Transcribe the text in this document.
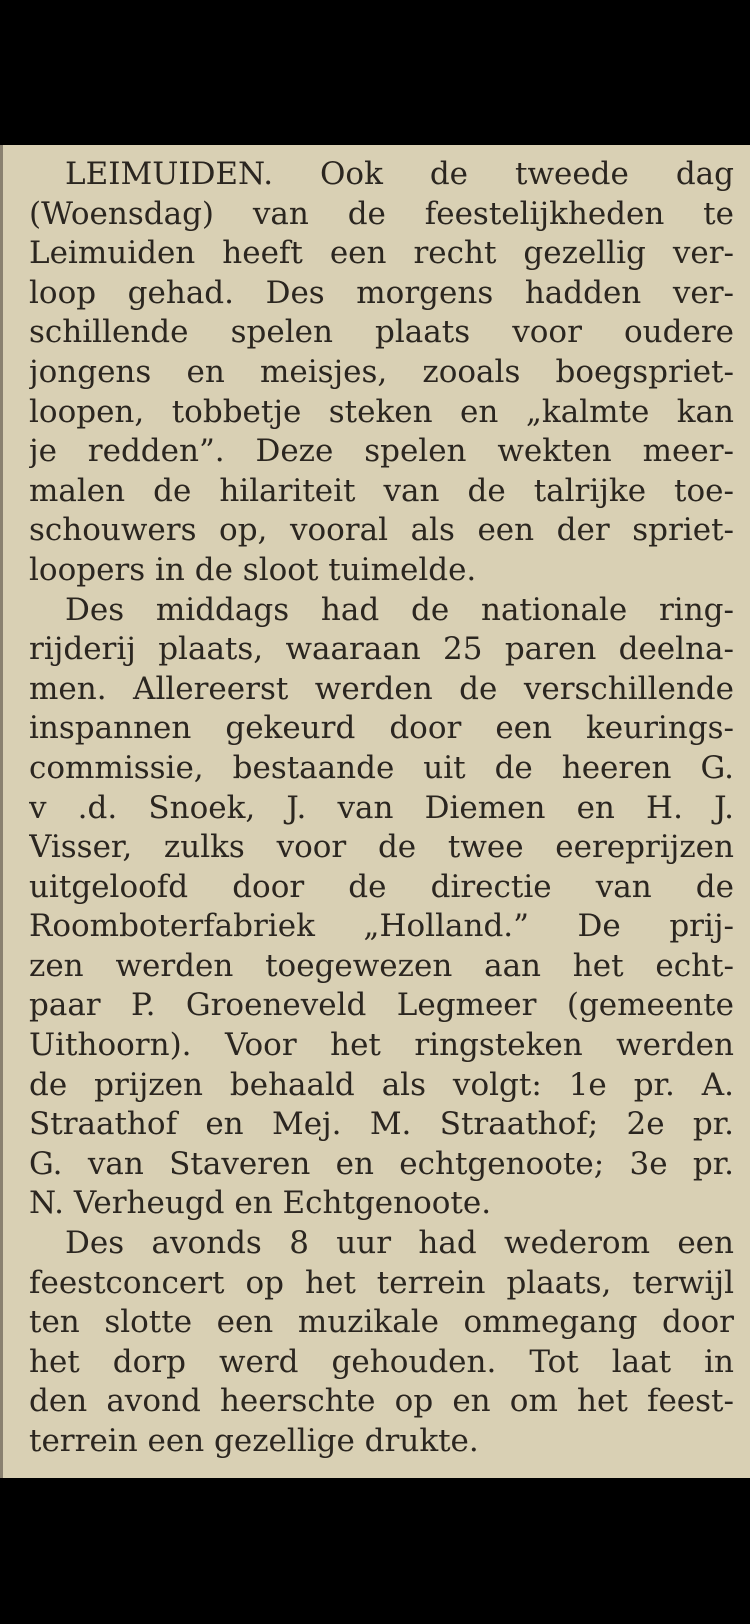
LEIMUIDEN. Ook de tweede dag
(Woensdag) van de feestelijkheden te
Leimuiden heeft een recht gezellig ver-
loop gehad. Des morgens hadden ver-
schillende spelen plaats voor oudere
jongens en meisjes, zooals boegspriet-
loopen, tobbetje steken en „kalmte kan
je redden”. Deze spelen wekten meer-
malen de hilariteit van de talrijke toe-
schouwers op, vooral als een der spriet-
loopers in de sloot tuimelde.
Des middags had de nationale ring-
rijderij plaats, waaraan 25 paren deelna-
men. Allereerst werden de verschillende
inspannen gekeurd door een keurings-
commissie, bestaande uit de heeren G.
v .d. Snoek, J. van Diemen en H. J.
Visser, zulks voor de twee eereprijzen
uitgeloofd door de directie van de
Roomboterfabriek „Holland.” De prij-
zen werden toegewezen aan het echt-
paar P. Groeneveld Legmeer (gemeente
Uithoorn). Voor het ringsteken werden
de prijzen behaald als volgt: 1e pr. A.
Straathof en Mej. M. Straathof; 2e pr.
G. van Staveren en echtgenoote; 3e pr.
N. Verheugd en Echtgenoote.
Des avonds 8 uur had wederom een
feestconcert op het terrein plaats, terwijl
ten slotte een muzikale ommegang door
het dorp werd gehouden. Tot laat in
den avond heerschte op en om het feest-
terrein een gezellige drukte.
